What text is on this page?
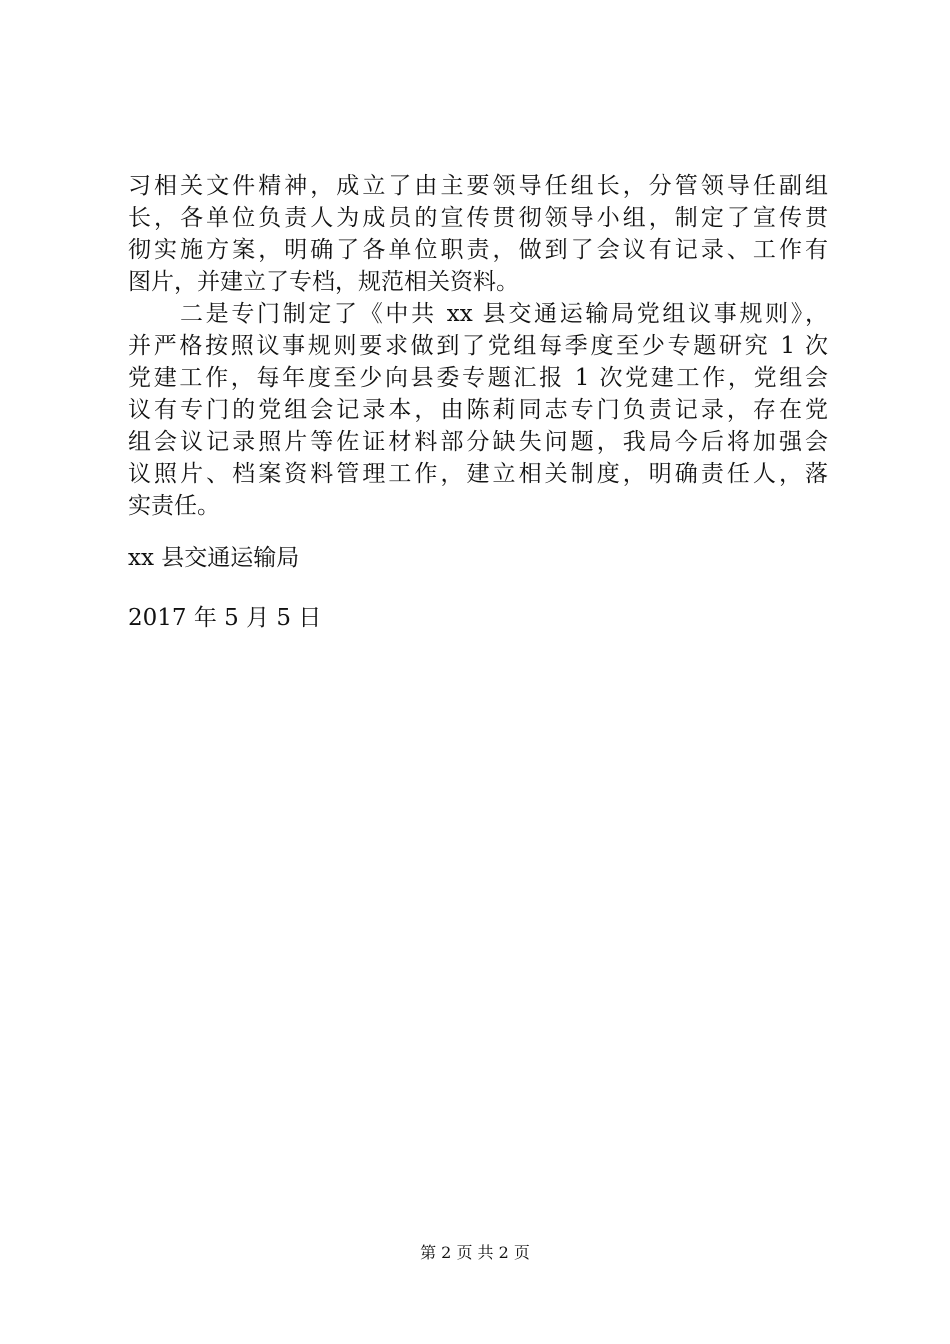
习相关文件精神，成立了由主要领导任组长，分管领导任副组
长，各单位负责人为成员的宣传贯彻领导小组，制定了宣传贯
彻实施方案，明确了各单位职责，做到了会议有记录、工作有
图片，并建立了专档，规范相关资料。
二是专门制定了《中共 xx 县交通运输局党组议事规则》，
并严格按照议事规则要求做到了党组每季度至少专题研究 1 次
党建工作，每年度至少向县委专题汇报 1 次党建工作，党组会
议有专门的党组会记录本，由陈莉同志专门负责记录，存在党
组会议记录照片等佐证材料部分缺失问题，我局今后将加强会
议照片、档案资料管理工作，建立相关制度，明确责任人，落
实责任。
xx 县交通运输局
2017 年 5 月 5 日
第 2 页 共 2 页
